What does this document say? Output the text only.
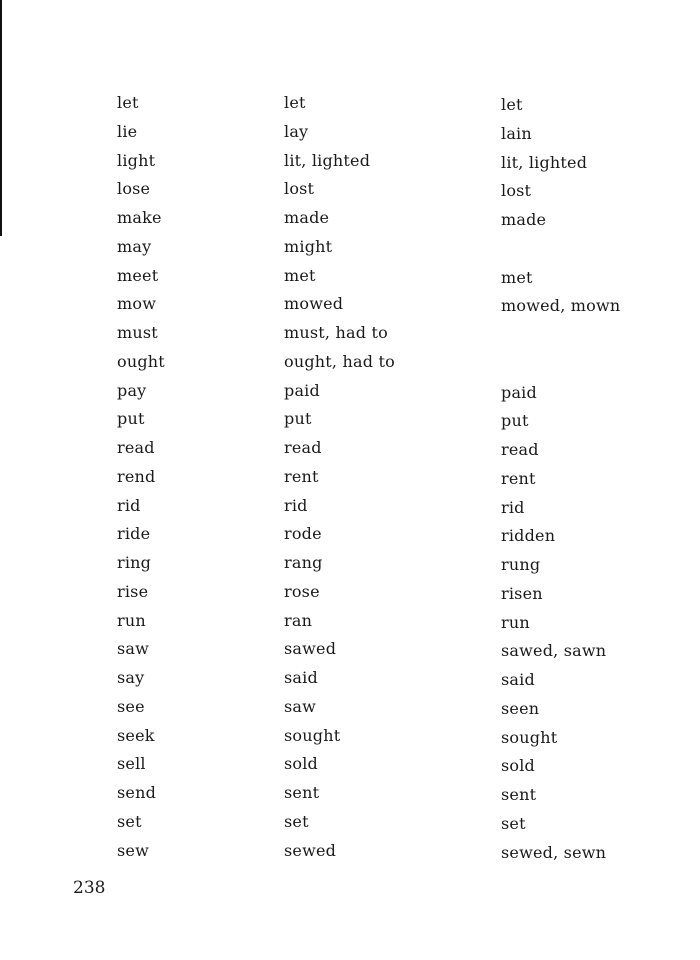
let	let	let
lie	lay	lain
light	lit, lighted	lit, lighted
lose	lost	lost
make	made	made
may	might
meet	met	met
mow	mowed	mowed, mown
must	must, had to
ought	ought, had to
pay	paid	paid
put	put	put
read	read	read
rend	rent	rent
rid	rid	rid
ride	rode	ridden
ring	rang	rung
rise	rose	risen
run	ran	run
saw	sawed	sawed, sawn
say	said	said
see	saw	seen
seek	sought	sought
sell	sold	sold
send	sent	sent
set	set	set
sew	sewed	sewed, sewn
238
